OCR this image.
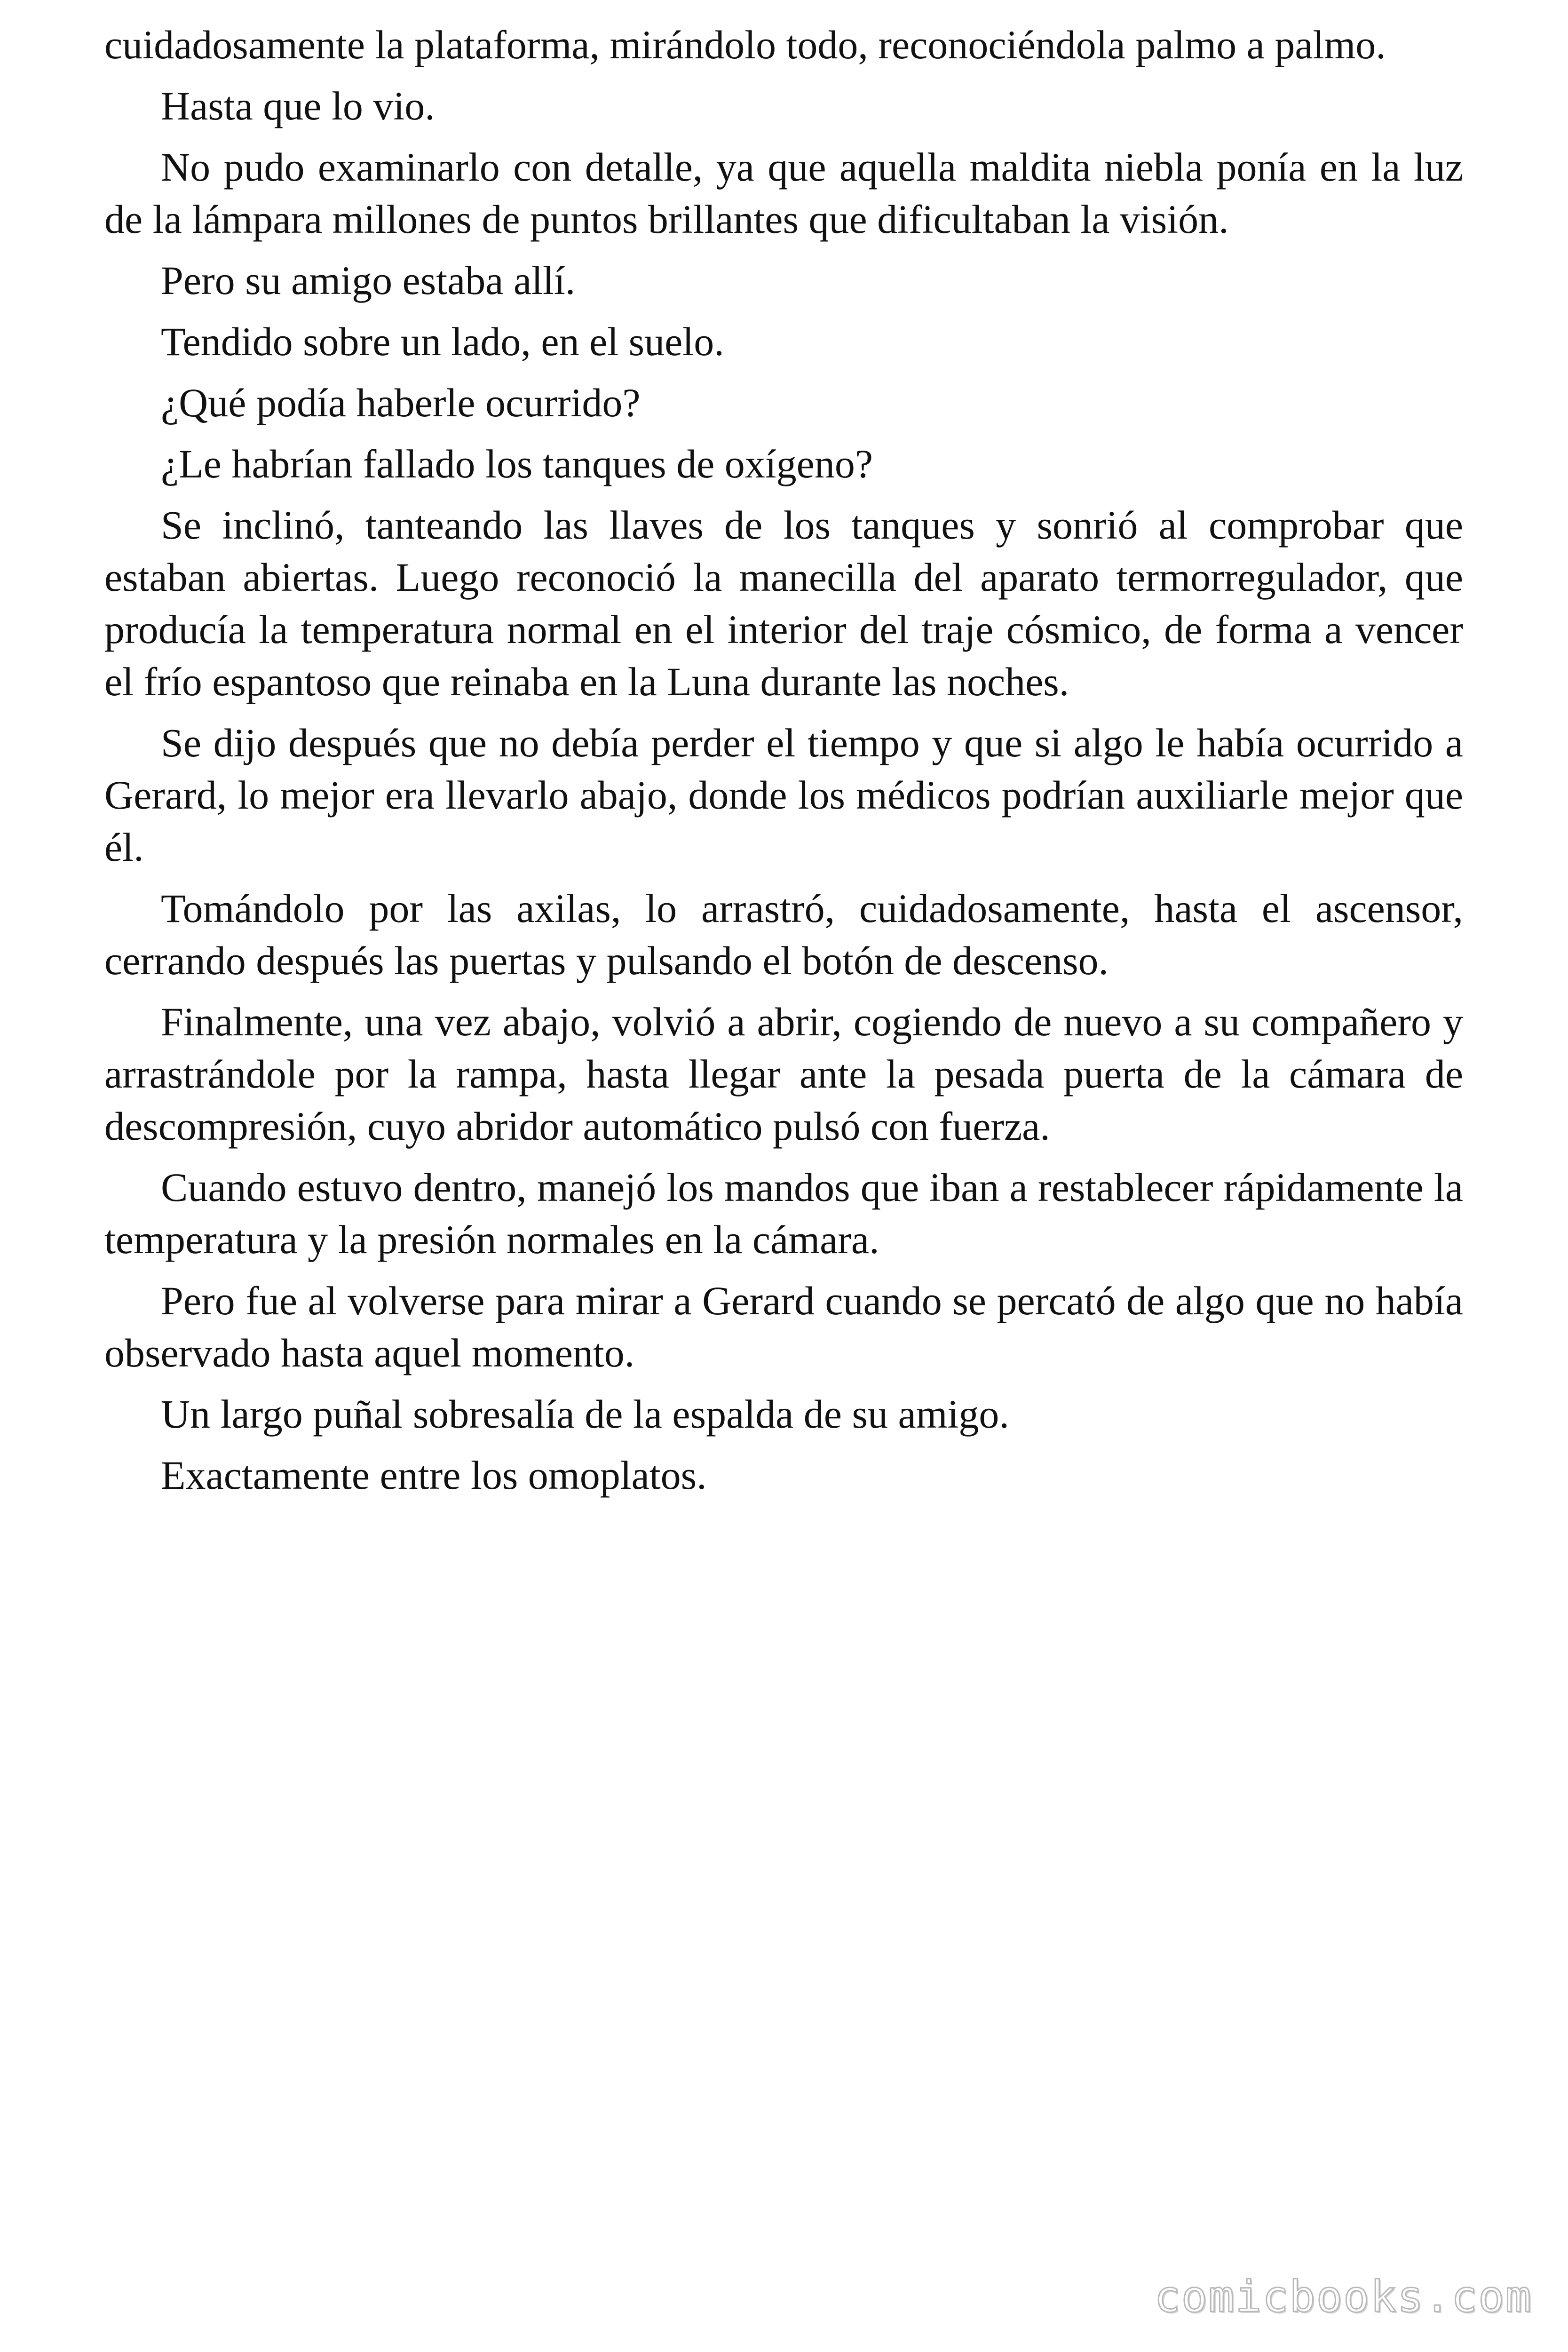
cuidadosamente la plataforma, mirándolo todo, reconociéndola palmo a palmo.

Hasta que lo vio.

No pudo examinarlo con detalle, ya que aquella maldita niebla ponía en la luz de la lámpara millones de puntos brillantes que dificultaban la visión.

Pero su amigo estaba allí.

Tendido sobre un lado, en el suelo.

¿Qué podía haberle ocurrido?

¿Le habrían fallado los tanques de oxígeno?

Se inclinó, tanteando las llaves de los tanques y sonrió al comprobar que estaban abiertas. Luego reconoció la manecilla del aparato termorregulador, que producía la temperatura normal en el interior del traje cósmico, de forma a vencer el frío espantoso que reinaba en la Luna durante las noches.

Se dijo después que no debía perder el tiempo y que si algo le había ocurrido a Gerard, lo mejor era llevarlo abajo, donde los médicos podrían auxiliarle mejor que él.

Tomándolo por las axilas, lo arrastró, cuidadosamente, hasta el ascensor, cerrando después las puertas y pulsando el botón de descenso.

Finalmente, una vez abajo, volvió a abrir, cogiendo de nuevo a su compañero y arrastrándole por la rampa, hasta llegar ante la pesada puerta de la cámara de descompresión, cuyo abridor automático pulsó con fuerza.

Cuando estuvo dentro, manejó los mandos que iban a restablecer rápidamente la temperatura y la presión normales en la cámara.

Pero fue al volverse para mirar a Gerard cuando se percató de algo que no había observado hasta aquel momento.

Un largo puñal sobresalía de la espalda de su amigo.

Exactamente entre los omoplatos.

comicbooks.com
